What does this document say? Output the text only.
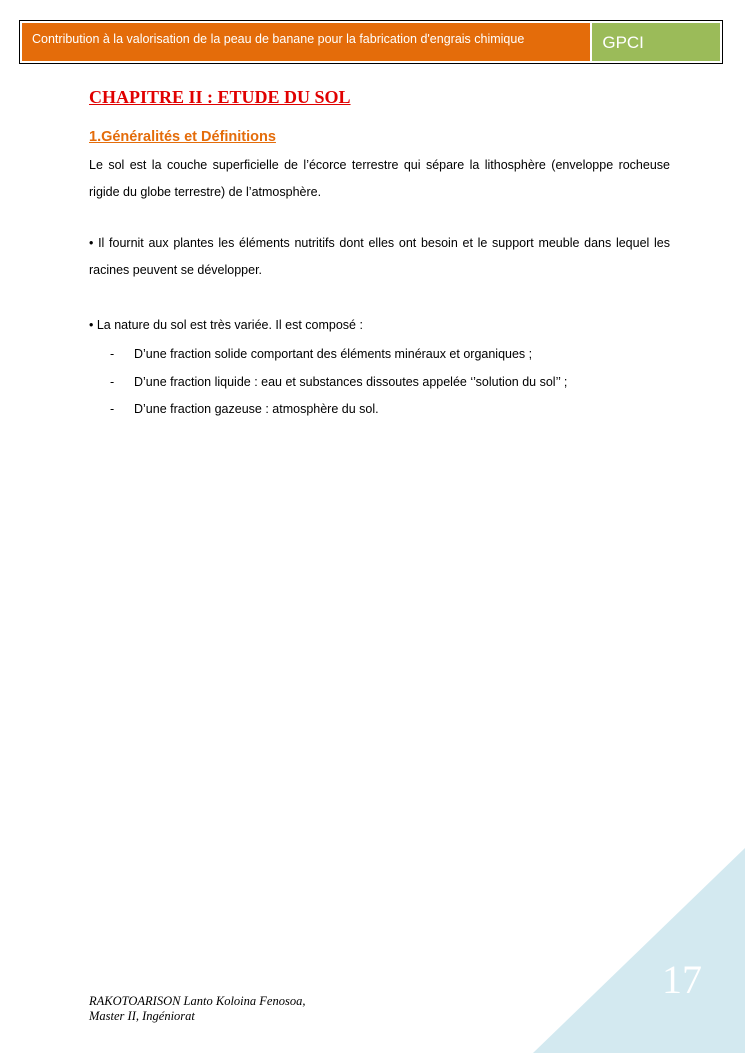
Contribution à la valorisation de la peau de banane pour la fabrication d'engrais chimique	GPCI
CHAPITRE II : ETUDE DU SOL
1.Généralités et Définitions

Le sol est la couche superficielle de l’écorce terrestre qui sépare la lithosphère (enveloppe rocheuse rigide du globe terrestre) de l’atmosphère.

• Il fournit aux plantes les éléments nutritifs dont elles ont besoin et le support meuble dans lequel les racines peuvent se développer.

• La nature du sol est très variée. Il est composé :

-	D’une fraction solide comportant des éléments minéraux et organiques ;
-	D’une fraction liquide : eau et substances dissoutes appelée ‘’solution du sol’’ ;
-	D’une fraction gazeuse : atmosphère du sol.
17
RAKOTOARISON Lanto Koloina Fenosoa,
Master II, Ingéniorat
